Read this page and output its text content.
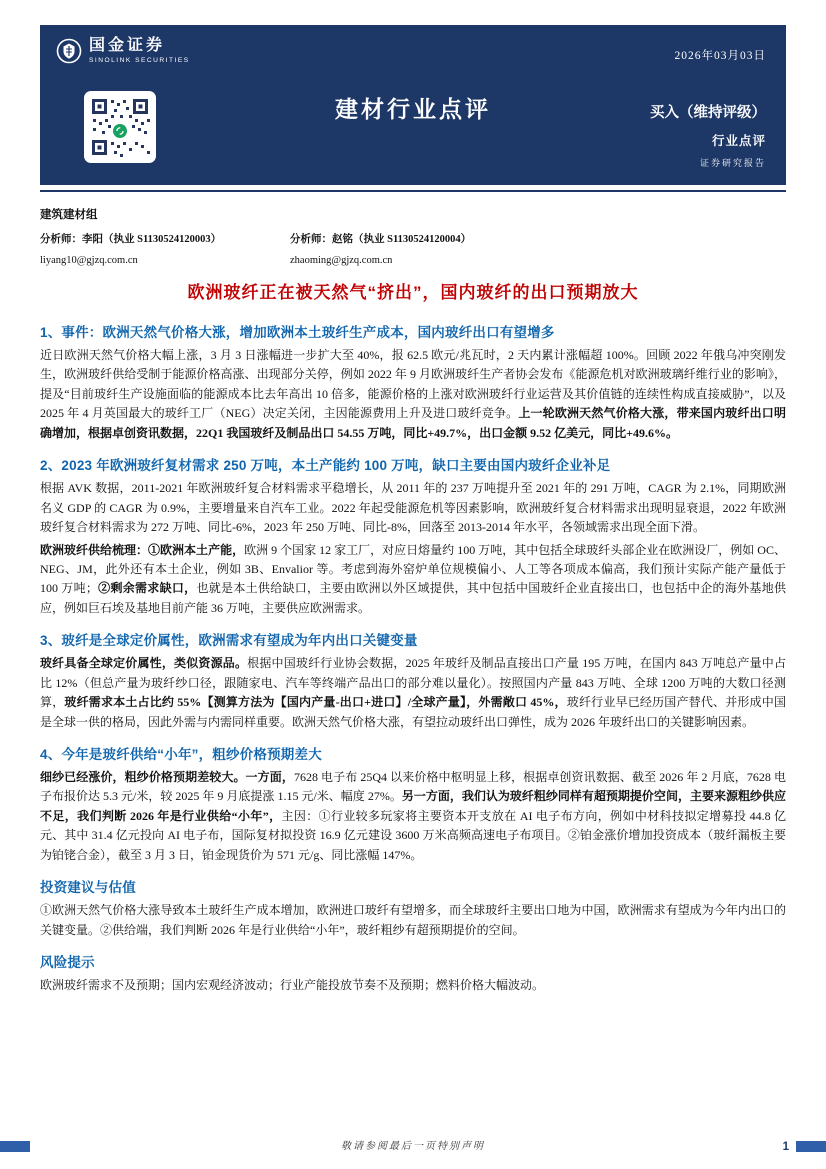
国金证券
SINOLINK SECURITIES	2026年03月03日
建材行业点评	买入（维持评级）
行业点评
证券研究报告
建筑建材组
分析师：李阳（执业 S1130524120003）
liyang10@gjzq.com.cn
分析师：赵铭（执业 S1130524120004）
zhaoming@gjzq.com.cn
欧洲玻纤正在被天然气“挤出”，国内玻纤的出口预期放大
1、事件：欧洲天然气价格大涨，增加欧洲本土玻纤生产成本，国内玻纤出口有望增多

近日欧洲天然气价格大幅上涨，3 月 3 日涨幅进一步扩大至 40%，报 62.5 欧元/兆瓦时，2 天内累计涨幅超 100%。回顾 2022 年俄乌冲突刚发生，欧洲玻纤供给受制于能源价格高涨、出现部分关停，例如 2022 年 9 月欧洲玻纤生产者协会发布《能源危机对欧洲玻璃纤维行业的影响》，提及“目前玻纤生产设施面临的能源成本比去年高出 10 倍多，能源价格的上涨对欧洲玻纤行业运营及其价值链的连续性构成直接威胁”，以及 2025 年 4 月英国最大的玻纤工厂（NEG）决定关闭，主因能源费用上升及进口玻纤竞争。上一轮欧洲天然气价格大涨，带来国内玻纤出口明确增加，根据卓创资讯数据，22Q1 我国玻纤及制品出口 54.55 万吨，同比+49.7%，出口金额 9.52 亿美元，同比+49.6%。

2、2023 年欧洲玻纤复材需求 250 万吨，本土产能约 100 万吨，缺口主要由国内玻纤企业补足

根据 AVK 数据，2011-2021 年欧洲玻纤复合材料需求平稳增长，从 2011 年的 237 万吨提升至 2021 年的 291 万吨，CAGR 为 2.1%，同期欧洲名义 GDP 的 CAGR 为 0.9%，主要增量来自汽车工业。2022 年起受能源危机等因素影响，欧洲玻纤复合材料需求出现明显衰退，2022 年欧洲玻纤复合材料需求为 272 万吨、同比-6%，2023 年 250 万吨、同比-8%，回落至 2013-2014 年水平，各领域需求出现全面下滑。

欧洲玻纤供给梳理：①欧洲本土产能，欧洲 9 个国家 12 家工厂，对应日熔量约 100 万吨，其中包括全球玻纤头部企业在欧洲设厂，例如 OC、NEG、JM，此外还有本土企业，例如 3B、Envalior 等。考虑到海外窑炉单位规模偏小、人工等各项成本偏高，我们预计实际产能产量低于 100 万吨；②剩余需求缺口，也就是本土供给缺口，主要由欧洲以外区域提供，其中包括中国玻纤企业直接出口，也包括中企的海外基地供应，例如巨石埃及基地目前产能 36 万吨，主要供应欧洲需求。

3、玻纤是全球定价属性，欧洲需求有望成为年内出口关键变量

玻纤具备全球定价属性，类似资源品。根据中国玻纤行业协会数据，2025 年玻纤及制品直接出口产量 195 万吨，在国内 843 万吨总产量中占比 12%（但总产量为玻纤纱口径，跟随家电、汽车等终端产品出口的部分难以量化）。按照国内产量 843 万吨、全球 1200 万吨的大数口径测算，玻纤需求本土占比约 55%【测算方法为【国内产量-出口+进口】/全球产量】，外需敞口 45%，玻纤行业早已经历国产替代、并形成中国是全球一供的格局，因此外需与内需同样重要。欧洲天然气价格大涨，有望拉动玻纤出口弹性，成为 2026 年玻纤出口的关键影响因素。

4、今年是玻纤供给“小年”，粗纱价格预期差大

细纱已经涨价，粗纱价格预期差较大。一方面，7628 电子布 25Q4 以来价格中枢明显上移，根据卓创资讯数据、截至 2026 年 2 月底，7628 电子布报价达 5.3 元/米，较 2025 年 9 月底提涨 1.15 元/米、幅度 27%。另一方面，我们认为玻纤粗纱同样有超预期提价空间，主要来源粗纱供应不足，我们判断 2026 年是行业供给“小年”，主因：①行业较多玩家将主要资本开支放在 AI 电子布方向，例如中材科技拟定增募投 44.8 亿元、其中 31.4 亿元投向 AI 电子布，国际复材拟投资 16.9 亿元建设 3600 万米高频高速电子布项目。②铂金涨价增加投资成本（玻纤漏板主要为铂铑合金），截至 3 月 3 日，铂金现货价为 571 元/g、同比涨幅 147%。

投资建议与估值

①欧洲天然气价格大涨导致本土玻纤生产成本增加，欧洲进口玻纤有望增多，而全球玻纤主要出口地为中国，欧洲需求有望成为今年内出口的关键变量。②供给端，我们判断 2026 年是行业供给“小年”，玻纤粗纱有超预期提价的空间。

风险提示

欧洲玻纤需求不及预期；国内宏观经济波动；行业产能投放节奏不及预期；燃料价格大幅波动。

敬请参阅最后一页特别声明	1
